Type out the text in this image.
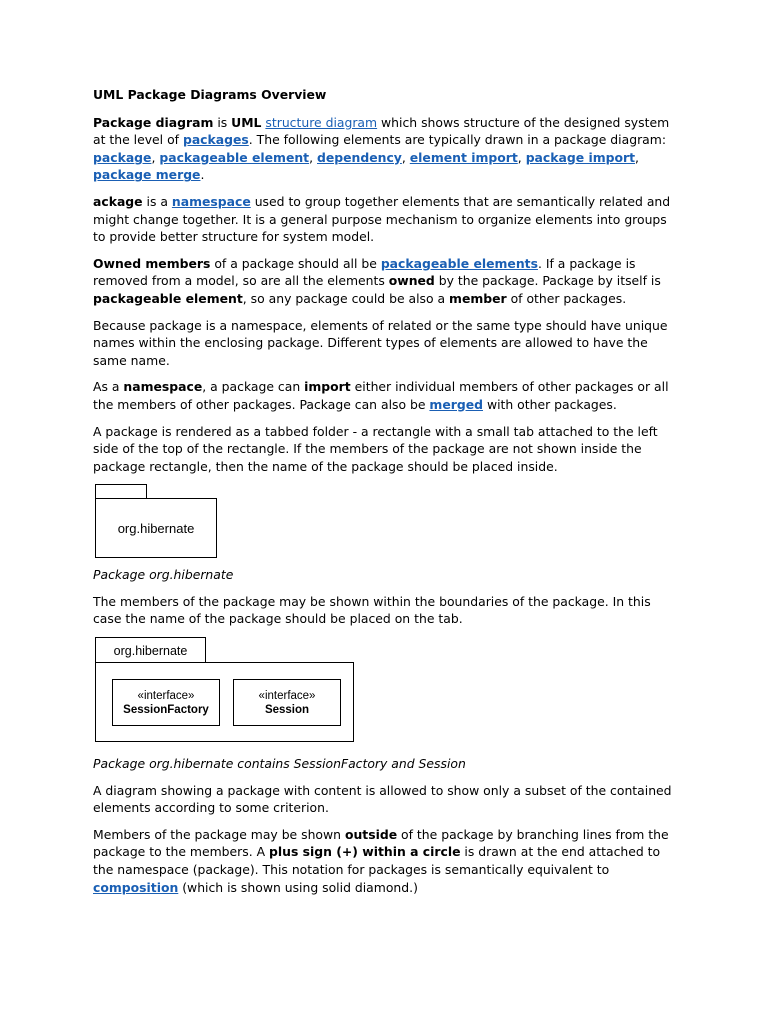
UML Package Diagrams Overview

Package diagram is UML structure diagram which shows structure of the designed system at the level of packages. The following elements are typically drawn in a package diagram: package, packageable element, dependency, element import, package import, package merge.

ackage is a namespace used to group together elements that are semantically related and might change together. It is a general purpose mechanism to organize elements into groups to provide better structure for system model.

Owned members of a package should all be packageable elements. If a package is removed from a model, so are all the elements owned by the package. Package by itself is packageable element, so any package could be also a member of other packages.

Because package is a namespace, elements of related or the same type should have unique names within the enclosing package. Different types of elements are allowed to have the same name.

As a namespace, a package can import either individual members of other packages or all the members of other packages. Package can also be merged with other packages.

A package is rendered as a tabbed folder - a rectangle with a small tab attached to the left side of the top of the rectangle. If the members of the package are not shown inside the package rectangle, then the name of the package should be placed inside.

org.hibernate

Package org.hibernate

The members of the package may be shown within the boundaries of the package. In this case the name of the package should be placed on the tab.

org.hibernate
«interface»
SessionFactory
«interface»
Session

Package org.hibernate contains SessionFactory and Session

A diagram showing a package with content is allowed to show only a subset of the contained elements according to some criterion.

Members of the package may be shown outside of the package by branching lines from the package to the members. A plus sign (+) within a circle is drawn at the end attached to the namespace (package). This notation for packages is semantically equivalent to composition (which is shown using solid diamond.)
